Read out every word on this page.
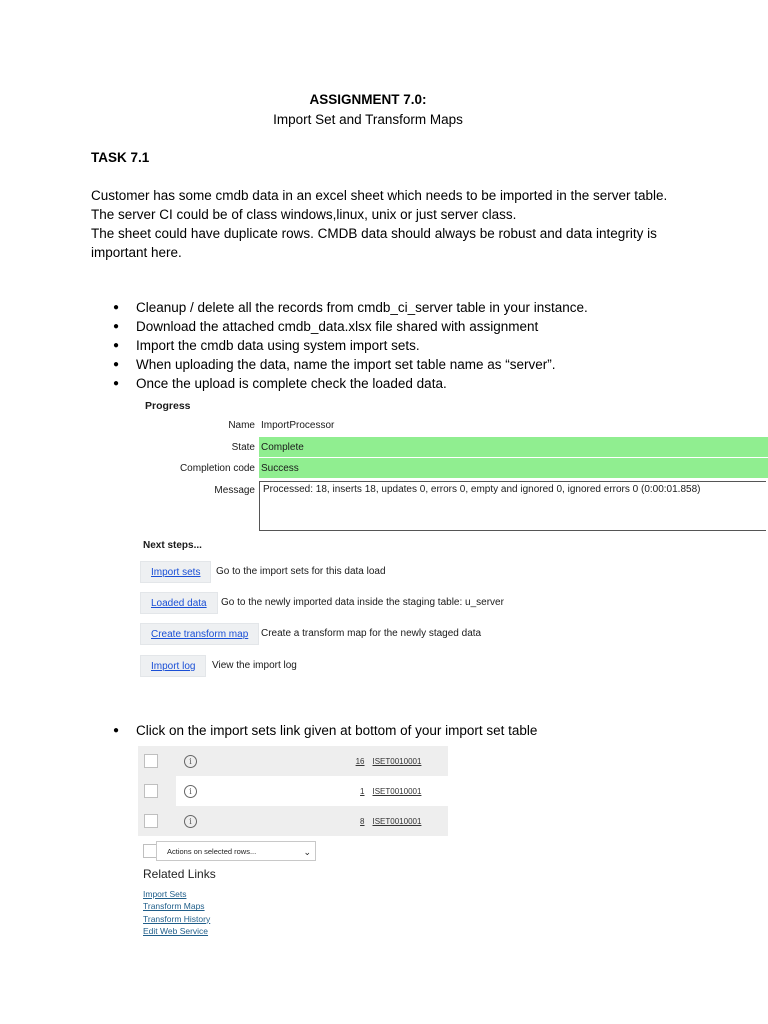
ASSIGNMENT 7.0:
Import Set and Transform Maps
TASK 7.1

Customer has some cmdb data in an excel sheet which needs to be imported in the server table.

The server CI could be of class windows,linux, unix or just server class.

The sheet could have duplicate rows. CMDB data should always be robust and data integrity is important here.

● Cleanup / delete all the records from cmdb_ci_server table in your instance.
● Download the attached cmdb_data.xlsx file shared with assignment
● Import the cmdb data using system import sets.
● When uploading the data, name the import set table name as “server”.
● Once the upload is complete check the loaded data.
Progress
Name ImportProcessor
State Complete
Completion code Success
Message Processed: 18, inserts 18, updates 0, errors 0, empty and ignored 0, ignored errors 0 (0:00:01.858)
Next steps...
Import sets	Go to the import sets for this data load
Loaded data	Go to the newly imported data inside the staging table: u_server
Create transform map	Create a transform map for the newly staged data
Import log	View the import log
● Click on the import sets link given at bottom of your import set table
	i	16	ISET0010001
	i	1	ISET0010001
	i	8	ISET0010001
Actions on selected rows...	⌄
Related Links
Import Sets
Transform Maps
Transform History
Edit Web Service
